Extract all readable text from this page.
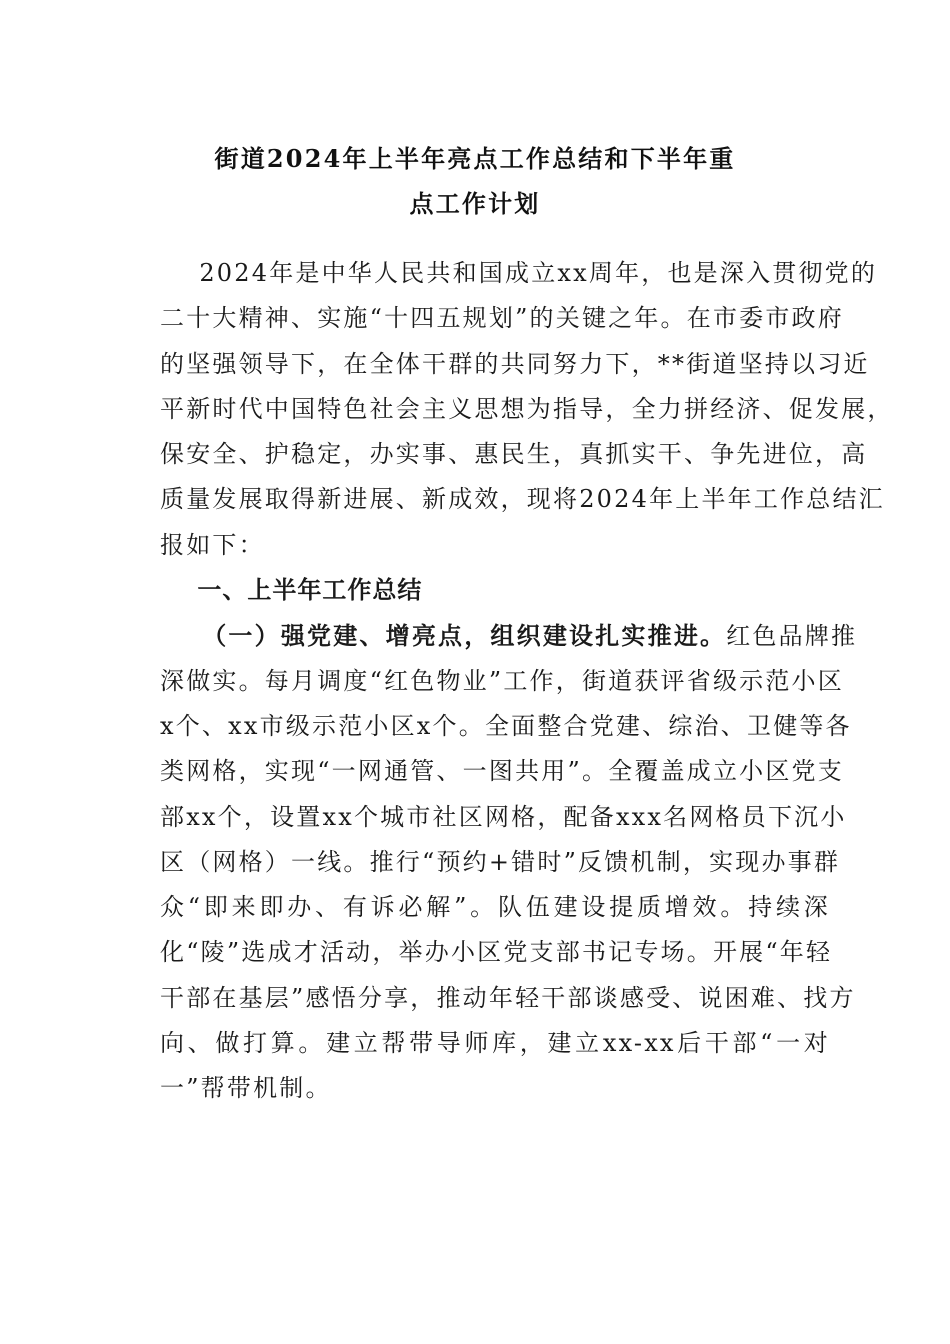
街道2024年上半年亮点工作总结和下半年重
点工作计划
2024年是中华人民共和国成立xx周年，也是深入贯彻党的
二十大精神、实施“十四五规划”的关键之年。在市委市政府
的坚强领导下，在全体干群的共同努力下，**街道坚持以习近
平新时代中国特色社会主义思想为指导，全力拼经济、促发展，
保安全、护稳定，办实事、惠民生，真抓实干、争先进位，高
质量发展取得新进展、新成效，现将2024年上半年工作总结汇
报如下：
一、上半年工作总结
（一）强党建、增亮点，组织建设扎实推进。红色品牌推
深做实。每月调度“红色物业”工作，街道获评省级示范小区
x个、xx市级示范小区x个。全面整合党建、综治、卫健等各
类网格，实现“一网通管、一图共用”。全覆盖成立小区党支
部xx个，设置xx个城市社区网格，配备xxx名网格员下沉小
区（网格）一线。推行“预约+错时”反馈机制，实现办事群
众“即来即办、有诉必解”。队伍建设提质增效。持续深
化“陵”选成才活动，举办小区党支部书记专场。开展“年轻
干部在基层”感悟分享，推动年轻干部谈感受、说困难、找方
向、做打算。建立帮带导师库，建立xx-xx后干部“一对
一”帮带机制。
